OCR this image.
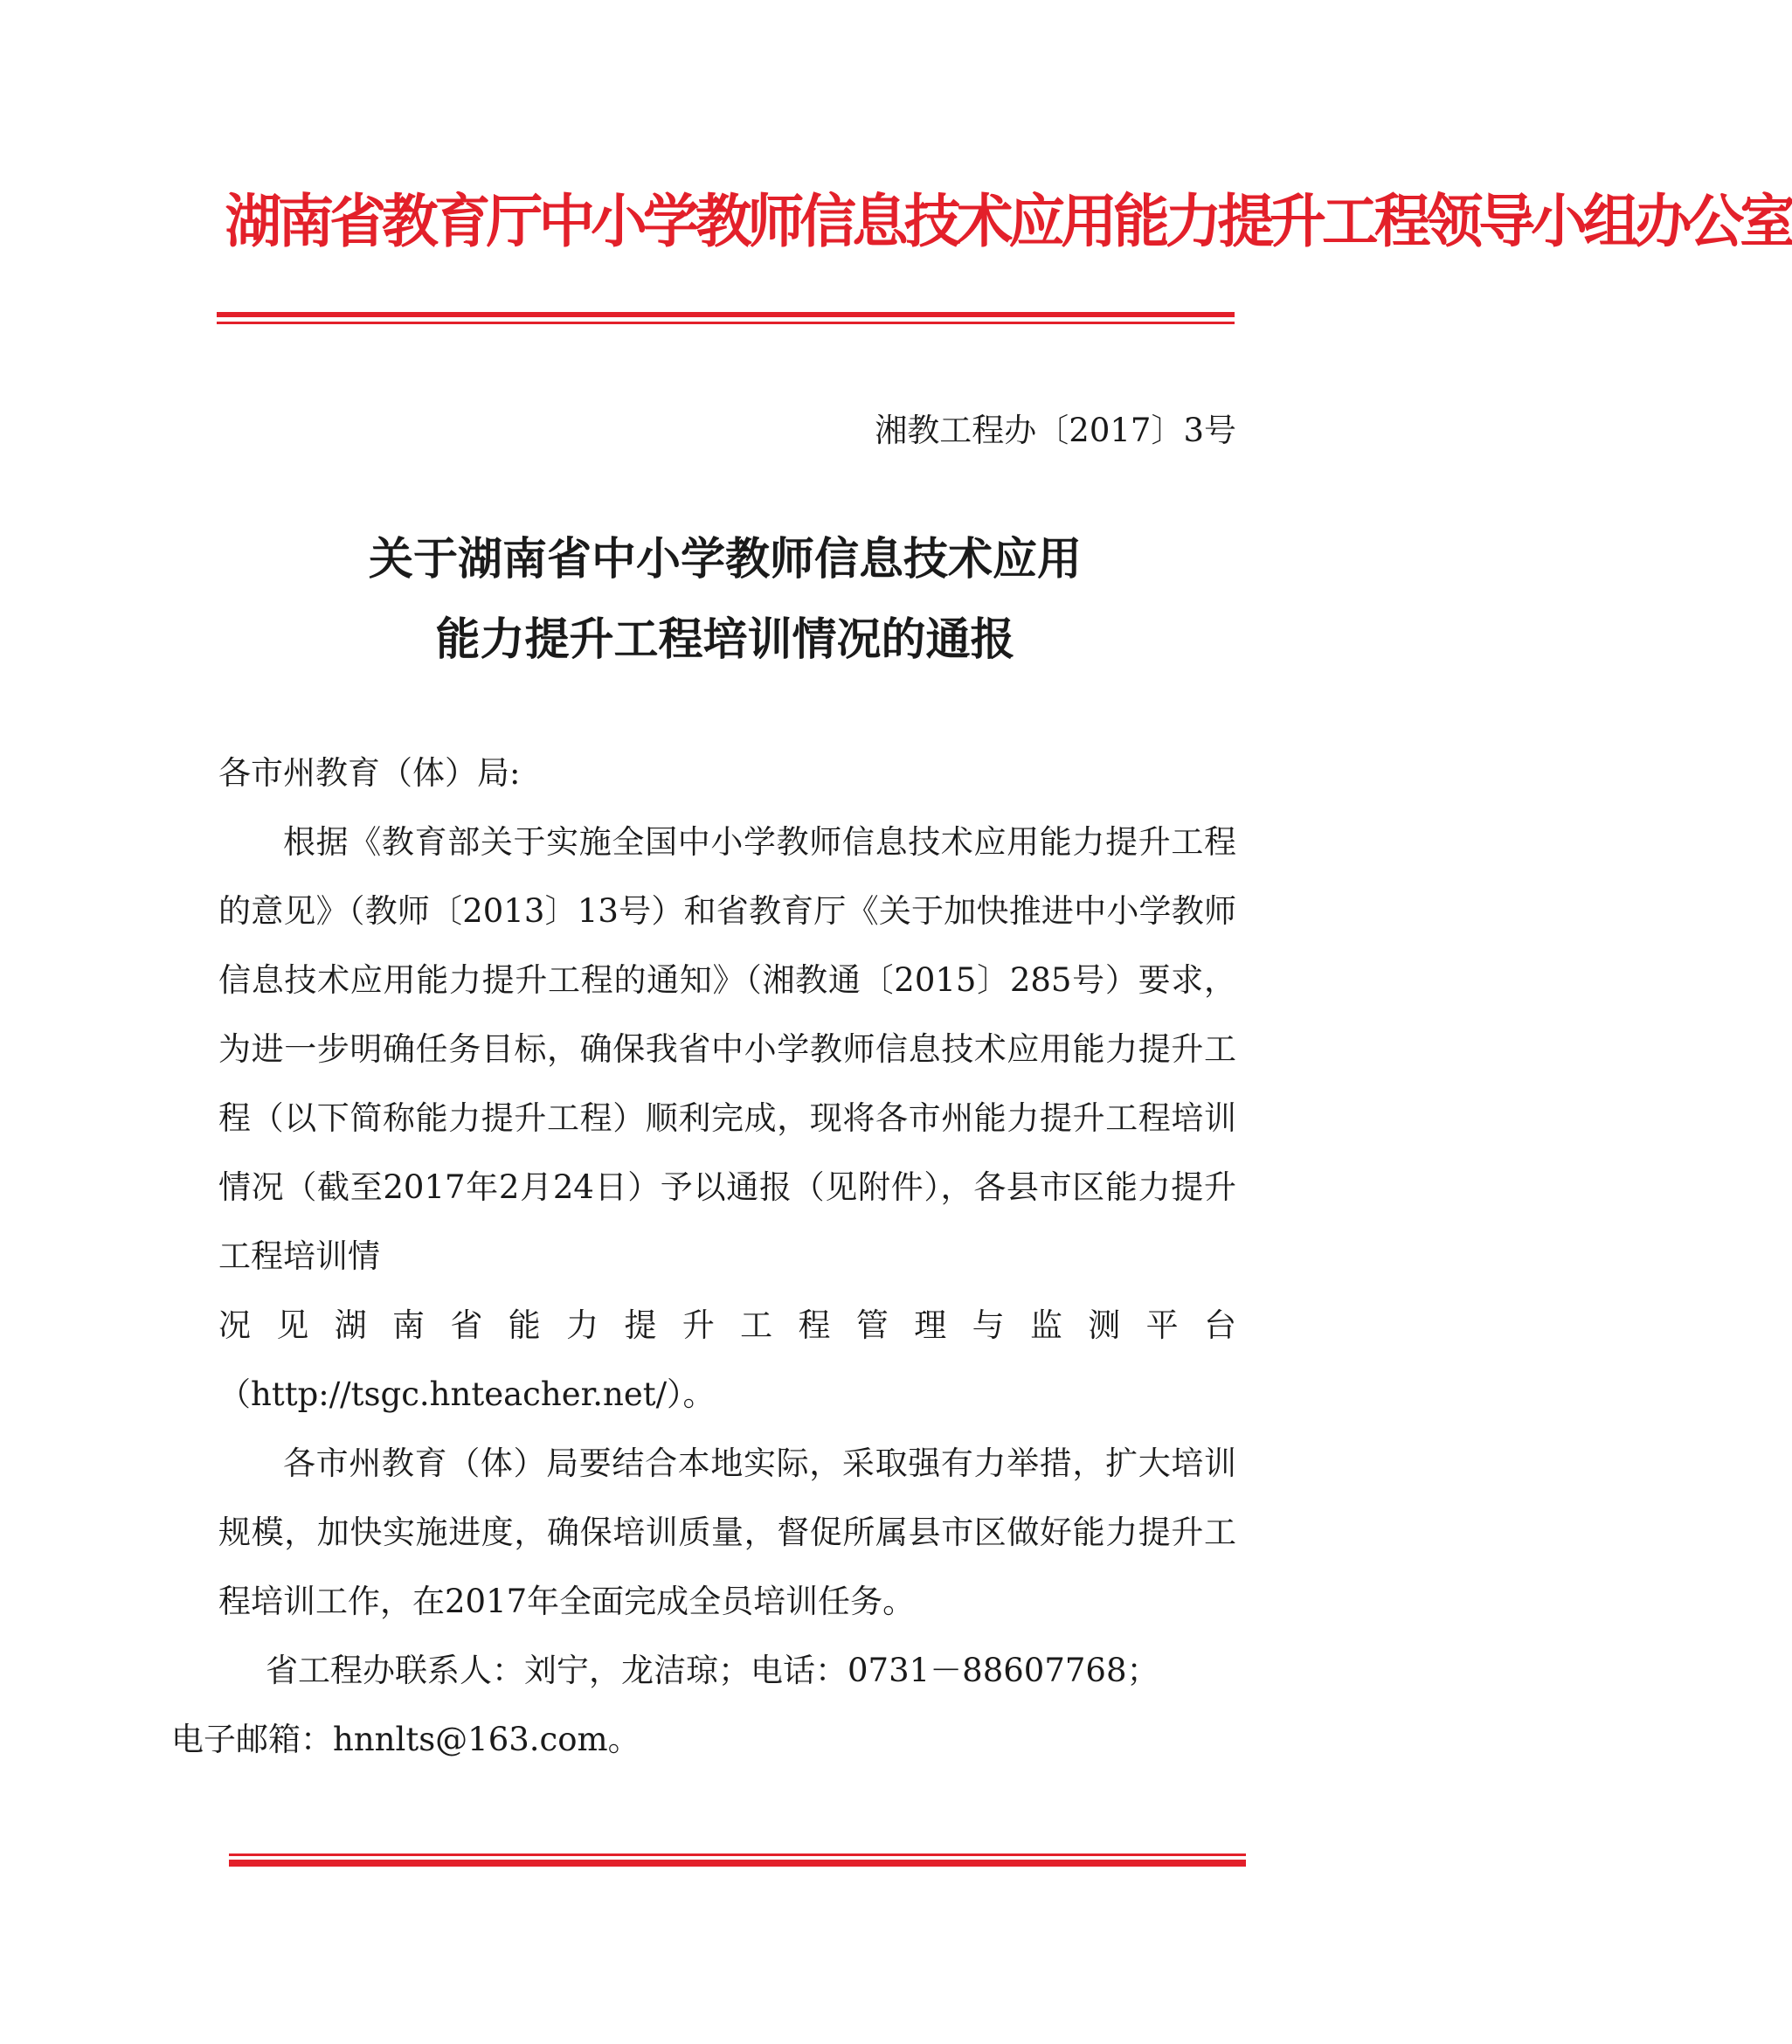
湖南省教育厅中小学教师信息技术应用能力提升工程领导小组办公室
湘教工程办〔2017〕3号
关于湖南省中小学教师信息技术应用
能力提升工程培训情况的通报

各市州教育（体）局:

根据《教育部关于实施全国中小学教师信息技术应用能力提升工程的意见》（教师〔2013〕13号）和省教育厅《关于加快推进中小学教师信息技术应用能力提升工程的通知》（湘教通〔2015〕285号）要求，为进一步明确任务目标，确保我省中小学教师信息技术应用能力提升工程（以下简称能力提升工程）顺利完成，现将各市州能力提升工程培训情况（截至2017年2月24日）予以通报（见附件），各县市区能力提升工程培训情
况见湖南省能力提升工程管理与监测平台
（http://tsgc.hnteacher.net/）。

各市州教育（体）局要结合本地实际，采取强有力举措，扩大培训规模，加快实施进度，确保培训质量，督促所属县市区做好能力提升工程培训工作，在2017年全面完成全员培训任务。

省工程办联系人：刘宁，龙洁琼；电话：0731－88607768；
电子邮箱：hnnlts@163.com。
